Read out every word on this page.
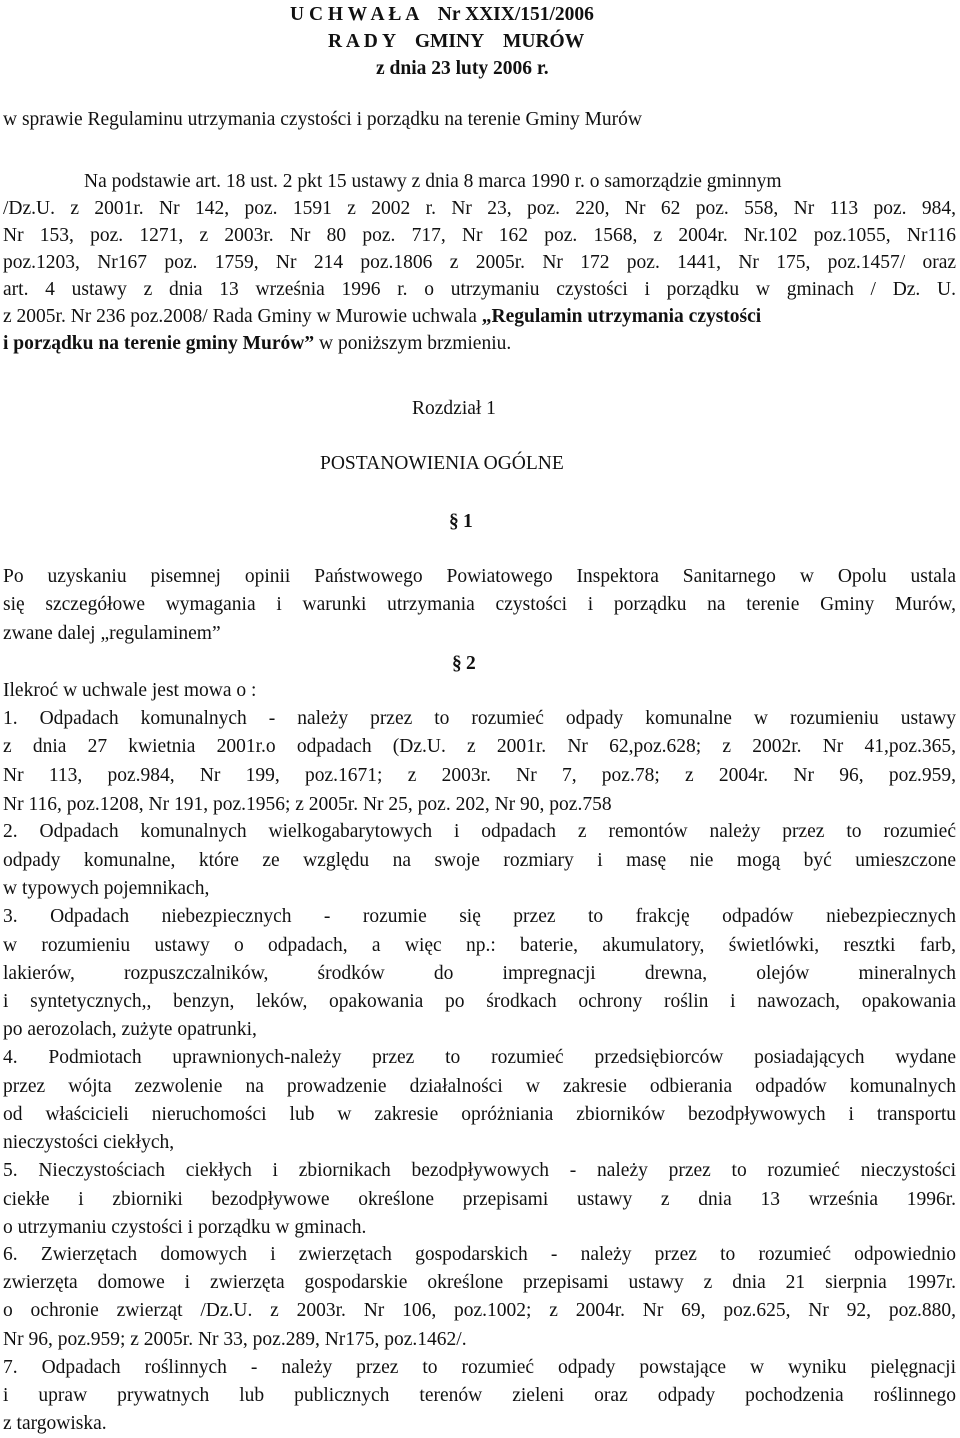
U C H W A Ł A    Nr XXIX/151/2006
R A D Y    GMINY    MURÓW
z dnia 23 luty 2006 r.
w sprawie Regulaminu utrzymania czystości i porządku na terenie Gminy Murów
Na podstawie art. 18 ust. 2 pkt 15 ustawy z dnia 8 marca 1990 r. o samorządzie gminnym
/Dz.U. z 2001r. Nr 142, poz. 1591 z 2002 r. Nr 23, poz. 220, Nr 62 poz. 558, Nr 113 poz. 984,
Nr 153, poz. 1271, z 2003r. Nr 80 poz. 717, Nr 162 poz. 1568, z 2004r. Nr.102 poz.1055, Nr116
poz.1203, Nr167 poz. 1759, Nr 214 poz.1806 z 2005r. Nr 172 poz. 1441, Nr 175, poz.1457/ oraz
art. 4 ustawy z dnia 13 września 1996 r. o utrzymaniu czystości i porządku w gminach / Dz. U.
z 2005r. Nr 236 poz.2008/ Rada Gminy w Murowie uchwala „Regulamin utrzymania czystości
i porządku na terenie gminy Murów” w poniższym brzmieniu.
Rozdział 1
POSTANOWIENIA OGÓLNE
§ 1
Po uzyskaniu pisemnej opinii Państwowego Powiatowego Inspektora Sanitarnego w Opolu ustala
się szczegółowe wymagania i warunki utrzymania czystości i porządku na terenie Gminy Murów,
zwane dalej „regulaminem”
§ 2
Ilekroć w uchwale jest mowa o :
1. Odpadach komunalnych - należy przez to rozumieć odpady komunalne w rozumieniu ustawy
z dnia 27 kwietnia 2001r.o odpadach (Dz.U. z 2001r. Nr 62,poz.628; z 2002r. Nr 41,poz.365,
Nr 113, poz.984, Nr 199, poz.1671; z 2003r. Nr 7, poz.78; z 2004r. Nr 96, poz.959,
Nr 116, poz.1208, Nr 191, poz.1956; z 2005r. Nr 25, poz. 202, Nr 90, poz.758
2. Odpadach komunalnych wielkogabarytowych i odpadach z remontów należy przez to rozumieć
odpady komunalne, które ze względu na swoje rozmiary i masę nie mogą być umieszczone
w typowych pojemnikach,
3. Odpadach niebezpiecznych - rozumie się przez to frakcję odpadów niebezpiecznych
w rozumieniu ustawy o odpadach, a więc np.: baterie, akumulatory, świetlówki, resztki farb,
lakierów, rozpuszczalników, środków do impregnacji drewna, olejów mineralnych
i syntetycznych,, benzyn, leków, opakowania po środkach ochrony roślin i nawozach, opakowania
po aerozolach, zużyte opatrunki,
4. Podmiotach uprawnionych-należy przez to rozumieć przedsiębiorców posiadających wydane
przez wójta zezwolenie na prowadzenie działalności w zakresie odbierania odpadów komunalnych
od właścicieli nieruchomości lub w zakresie opróżniania zbiorników bezodpływowych i transportu
nieczystości ciekłych,
5. Nieczystościach ciekłych i zbiornikach bezodpływowych - należy przez to rozumieć nieczystości
ciekłe i zbiorniki bezodpływowe określone przepisami ustawy z dnia 13 września 1996r.
o utrzymaniu czystości i porządku w gminach.
6. Zwierzętach domowych i zwierzętach gospodarskich - należy przez to rozumieć odpowiednio
zwierzęta domowe i zwierzęta gospodarskie określone przepisami ustawy z dnia 21 sierpnia 1997r.
o ochronie zwierząt /Dz.U. z 2003r. Nr 106, poz.1002; z 2004r. Nr 69, poz.625, Nr 92, poz.880,
Nr 96, poz.959; z 2005r. Nr 33, poz.289, Nr175, poz.1462/.
7. Odpadach roślinnych - należy przez to rozumieć odpady powstające w wyniku pielęgnacji
i upraw prywatnych lub publicznych terenów zieleni oraz odpady pochodzenia roślinnego
z targowiska.
